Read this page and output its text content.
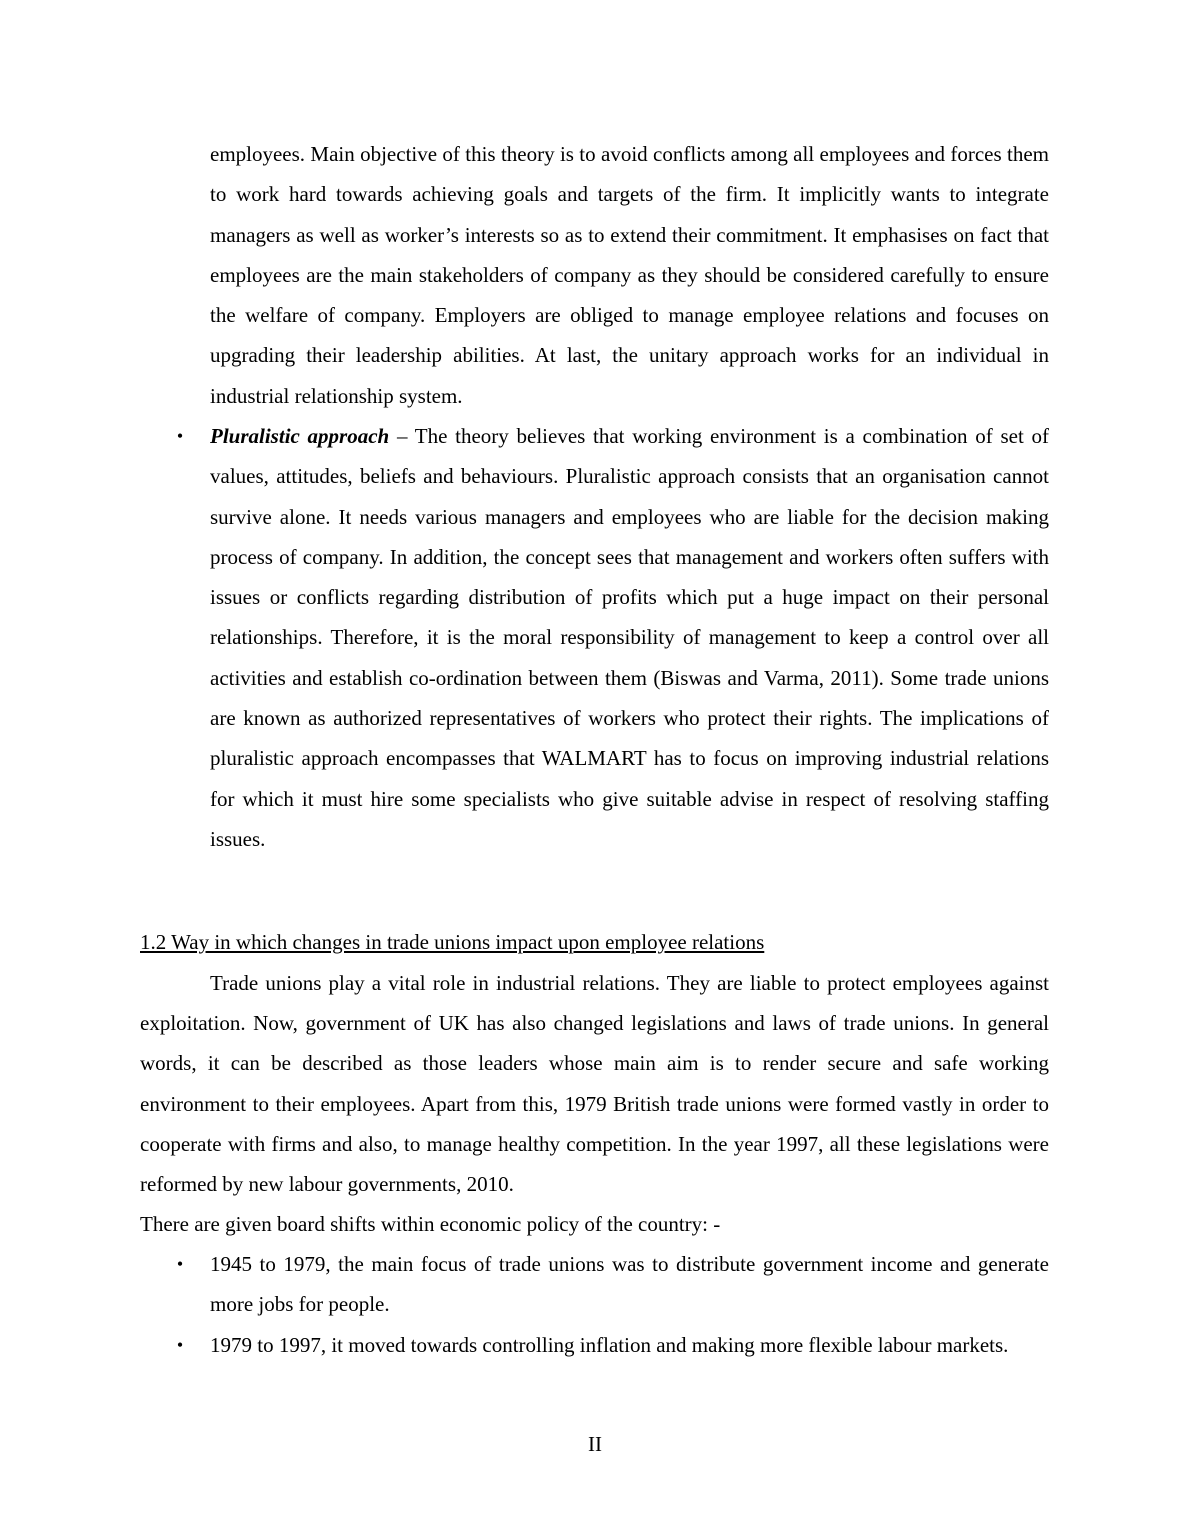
employees. Main objective of this theory is to avoid conflicts among all employees and forces them to work hard towards achieving goals and targets of the firm. It implicitly wants to integrate managers as well as worker’s interests so as to extend their commitment. It emphasises on fact that employees are the main stakeholders of company as they should be considered carefully to ensure the welfare of company. Employers are obliged to manage employee relations and focuses on upgrading their leadership abilities. At last, the unitary approach works for an individual in industrial relationship system.

•	Pluralistic approach – The theory believes that working environment is a combination of set of values, attitudes, beliefs and behaviours. Pluralistic approach consists that an organisation cannot survive alone. It needs various managers and employees who are liable for the decision making process of company. In addition, the concept sees that management and workers often suffers with issues or conflicts regarding distribution of profits which put a huge impact on their personal relationships. Therefore, it is the moral responsibility of management to keep a control over all activities and establish co-ordination between them (Biswas and Varma, 2011). Some trade unions are known as authorized representatives of workers who protect their rights. The implications of pluralistic approach encompasses that WALMART has to focus on improving industrial relations for which it must hire some specialists who give suitable advise in respect of resolving staffing issues.

1.2 Way in which changes in trade unions impact upon employee relations

Trade unions play a vital role in industrial relations. They are liable to protect employees against exploitation. Now, government of UK has also changed legislations and laws of trade unions. In general words, it can be described as those leaders whose main aim is to render secure and safe working environment to their employees. Apart from this, 1979 British trade unions were formed vastly in order to cooperate with firms and also, to manage healthy competition. In the year 1997, all these legislations were reformed by new labour governments, 2010.

There are given board shifts within economic policy of the country: -
•	1945 to 1979, the main focus of trade unions was to distribute government income and generate more jobs for people.

•	1979 to 1997, it moved towards controlling inflation and making more flexible labour markets.

II
